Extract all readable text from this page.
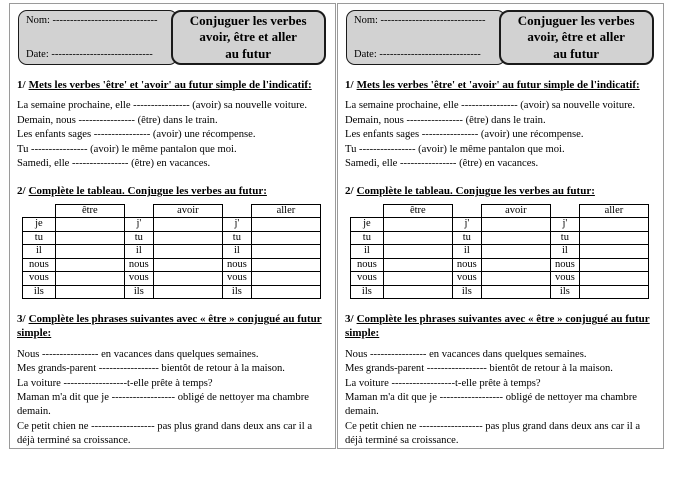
Nom: ------------------------------
Date: -----------------------------
Conjuguer les verbes
avoir, être et aller
au futur
1/ Mets les verbes 'être' et 'avoir' au futur simple de l'indicatif:
La semaine prochaine, elle ---------------- (avoir) sa nouvelle voiture.
Demain, nous ---------------- (être) dans le train.
Les enfants sages ---------------- (avoir) une récompense.
Tu ---------------- (avoir) le même pantalon que moi.
Samedi, elle ---------------- (être) en vacances.
2/ Complète le tableau. Conjugue les verbes au futur:
	être		avoir		aller
je		j'		j'	
tu		tu		tu	
il		il		il	
nous		nous		nous	
vous		vous		vous	
ils		ils		ils	
3/ Complète les phrases suivantes avec « être » conjugué au futur simple:
Nous ---------------- en vacances dans quelques semaines.
Mes grands-parent ----------------- bientôt de retour à la maison.
La voiture ------------------t-elle prête à temps?
Maman m'a dit que je ------------------ obligé de nettoyer ma chambre demain.
Ce petit chien ne ------------------ pas plus grand dans deux ans car il a déjà terminé sa croissance.
Nom: ------------------------------
Date: -----------------------------
Conjuguer les verbes
avoir, être et aller
au futur
1/ Mets les verbes 'être' et 'avoir' au futur simple de l'indicatif:
La semaine prochaine, elle ---------------- (avoir) sa nouvelle voiture.
Demain, nous ---------------- (être) dans le train.
Les enfants sages ---------------- (avoir) une récompense.
Tu ---------------- (avoir) le même pantalon que moi.
Samedi, elle ---------------- (être) en vacances.
2/ Complète le tableau. Conjugue les verbes au futur:
	être		avoir		aller
je		j'		j'	
tu		tu		tu	
il		il		il	
nous		nous		nous	
vous		vous		vous	
ils		ils		ils	
3/ Complète les phrases suivantes avec « être » conjugué au futur simple:
Nous ---------------- en vacances dans quelques semaines.
Mes grands-parent ----------------- bientôt de retour à la maison.
La voiture ------------------t-elle prête à temps?
Maman m'a dit que je ------------------ obligé de nettoyer ma chambre demain.
Ce petit chien ne ------------------ pas plus grand dans deux ans car il a déjà terminé sa croissance.
